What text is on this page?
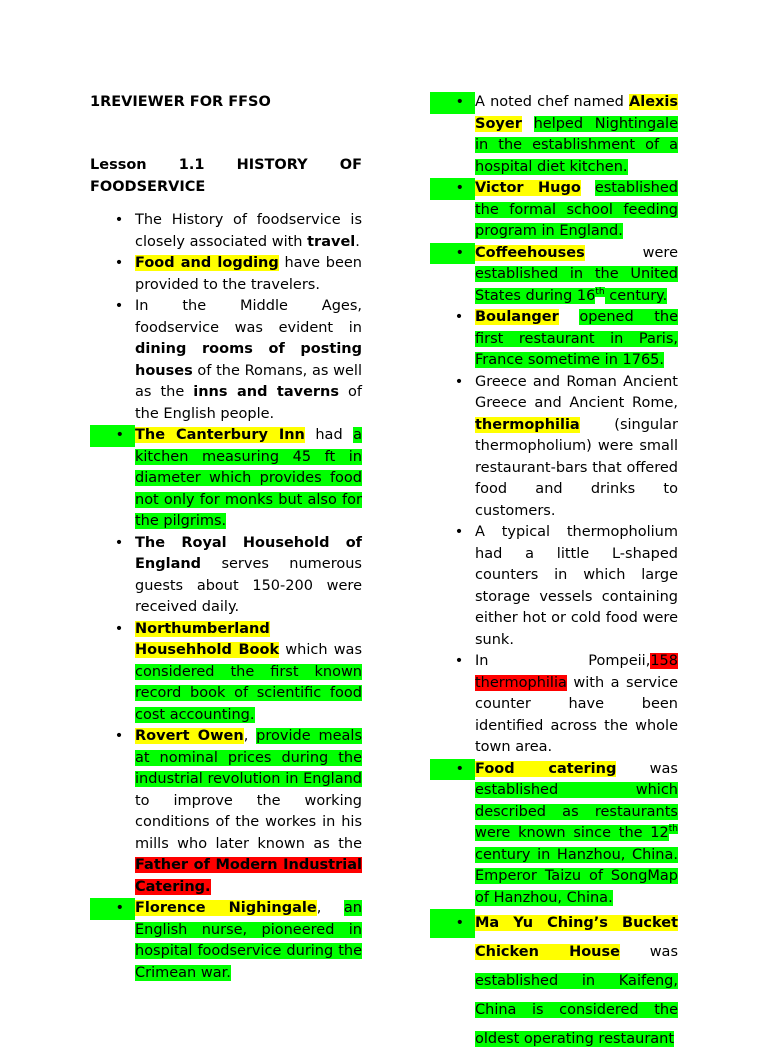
1REVIEWER FOR FFSO

Lesson 1.1 HISTORY OF
FOODSERVICE
• The History of foodservice is closely associated with travel.
• Food and logding have been provided to the travelers.
• In the Middle Ages, foodservice was evident in dining rooms of posting houses of the Romans, as well as the inns and taverns of the English people.
• The Canterbury Inn had a kitchen measuring 45 ft in diameter which provides food not only for monks but also for the pilgrims.
• The Royal Household of England serves numerous guests about 150-200 were received daily.
• Northumberland Househhold Book which was considered the first known record book of scientific food cost accounting.
• Rovert Owen, provide meals at nominal prices during the industrial revolution in England to improve the working conditions of the workes in his mills who later known as the Father of Modern Industrial Catering.
• Florence Nighingale, an English nurse, pioneered in hospital foodservice during the Crimean war.
• A noted chef named Alexis Soyer helped Nightingale in the establishment of a hospital diet kitchen.
• Victor Hugo established the formal school feeding program in England.
• Coffeehouses were established in the United States during 16th century.
• Boulanger opened the first restaurant in Paris, France sometime in 1765.
• Greece and Roman Ancient Greece and Ancient Rome, thermophilia (singular thermopholium) were small restaurant-bars that offered food and drinks to customers.
• A typical thermopholium had a little L-shaped counters in which large storage vessels containing either hot or cold food were sunk.
• In Pompeii,158 thermophilia with a service counter have been identified across the whole town area.
• Food catering was established which described as restaurants were known since the 12th century in Hanzhou, China. Emperor Taizu of SongMap of Hanzhou, China.
• Ma Yu Ching’s Bucket Chicken House was established in Kaifeng, China is considered the oldest operating restaurant
